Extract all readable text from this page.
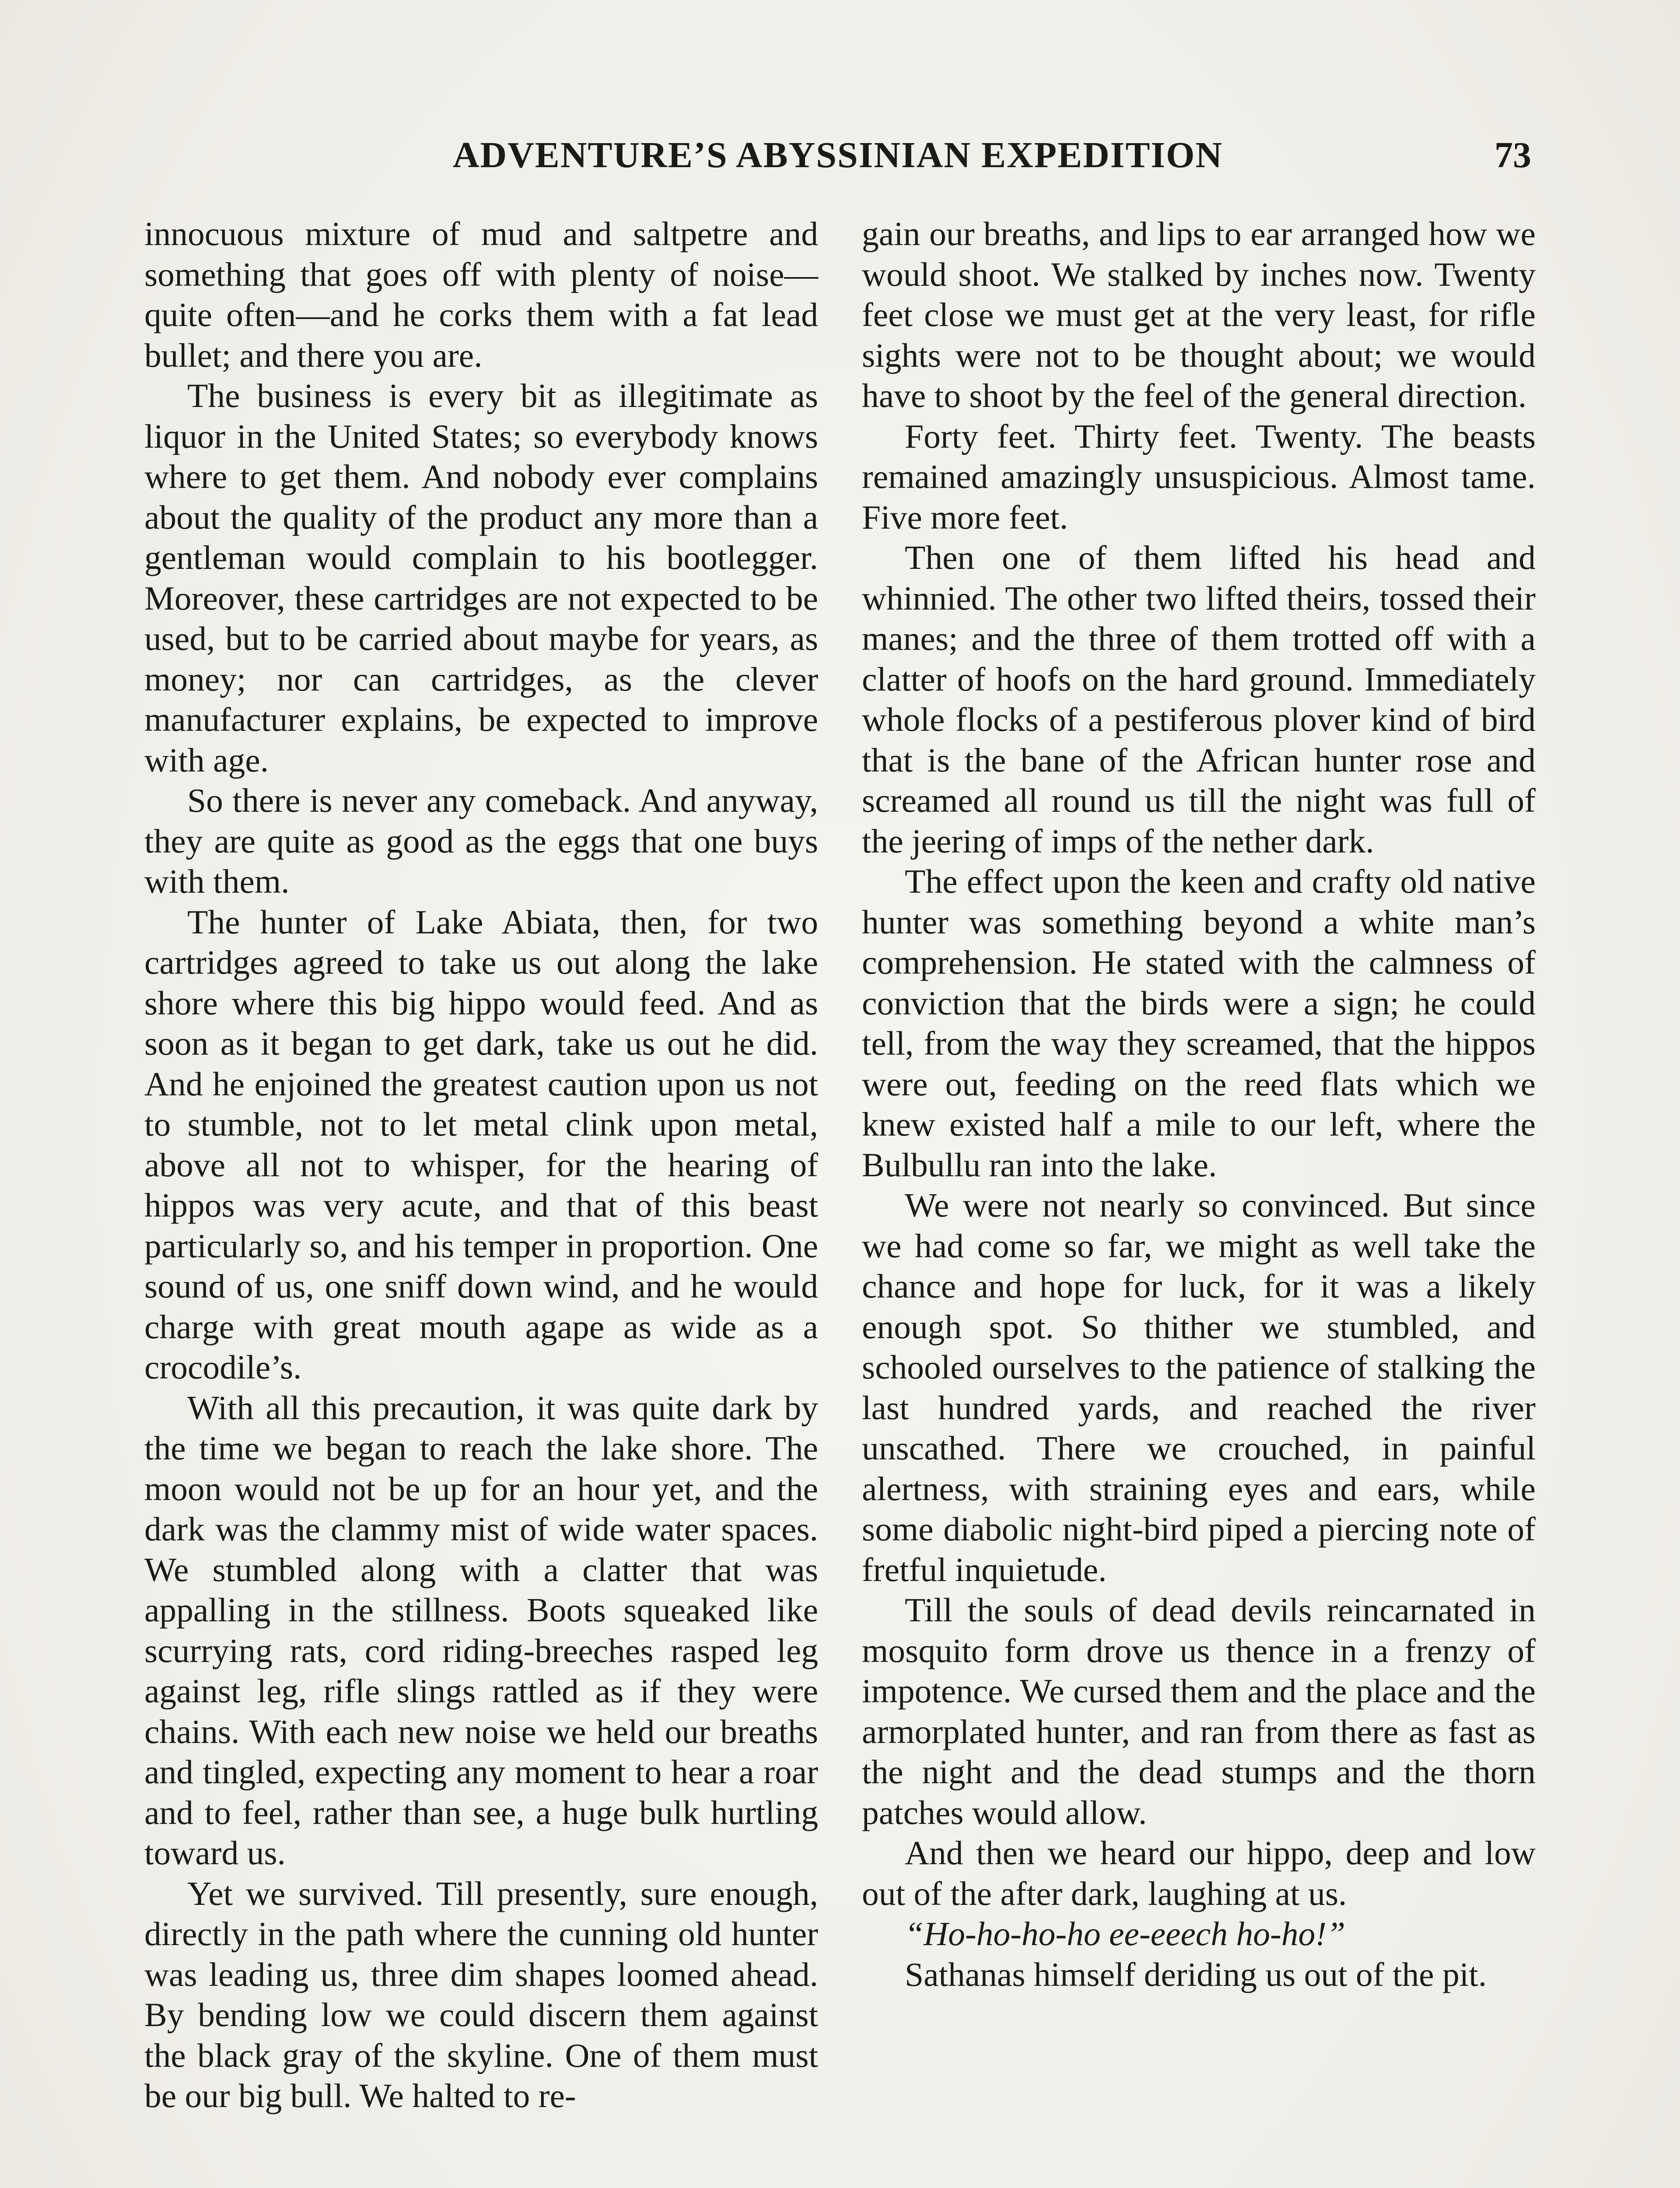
ADVENTURE’S ABYSSINIAN EXPEDITION	73

innocuous mixture of mud and saltpetre and something that goes off with plenty of noise—quite often—and he corks them with a fat lead bullet; and there you are.

The business is every bit as illegitimate as liquor in the United States; so everybody knows where to get them. And nobody ever complains about the quality of the product any more than a gentleman would complain to his bootlegger. Moreover, these cartridges are not expected to be used, but to be carried about maybe for years, as money; nor can cartridges, as the clever manufacturer explains, be expected to improve with age.

So there is never any comeback. And anyway, they are quite as good as the eggs that one buys with them.

The hunter of Lake Abiata, then, for two cartridges agreed to take us out along the lake shore where this big hippo would feed. And as soon as it began to get dark, take us out he did. And he enjoined the greatest caution upon us not to stumble, not to let metal clink upon metal, above all not to whisper, for the hearing of hippos was very acute, and that of this beast particularly so, and his temper in proportion. One sound of us, one sniff down wind, and he would charge with great mouth agape as wide as a crocodile’s.

With all this precaution, it was quite dark by the time we began to reach the lake shore. The moon would not be up for an hour yet, and the dark was the clammy mist of wide water spaces. We stumbled along with a clatter that was appalling in the stillness. Boots squeaked like scurrying rats, cord riding-breeches rasped leg against leg, rifle slings rattled as if they were chains. With each new noise we held our breaths and tingled, expecting any moment to hear a roar and to feel, rather than see, a huge bulk hurtling toward us.

Yet we survived. Till presently, sure enough, directly in the path where the cunning old hunter was leading us, three dim shapes loomed ahead. By bending low we could discern them against the black gray of the skyline. One of them must be our big bull. We halted to re-

gain our breaths, and lips to ear arranged how we would shoot. We stalked by inches now. Twenty feet close we must get at the very least, for rifle sights were not to be thought about; we would have to shoot by the feel of the general direction.

Forty feet. Thirty feet. Twenty. The beasts remained amazingly unsuspicious. Almost tame. Five more feet.

Then one of them lifted his head and whinnied. The other two lifted theirs, tossed their manes; and the three of them trotted off with a clatter of hoofs on the hard ground. Immediately whole flocks of a pestiferous plover kind of bird that is the bane of the African hunter rose and screamed all round us till the night was full of the jeering of imps of the nether dark.

The effect upon the keen and crafty old native hunter was something beyond a white man’s comprehension. He stated with the calmness of conviction that the birds were a sign; he could tell, from the way they screamed, that the hippos were out, feeding on the reed flats which we knew existed half a mile to our left, where the Bulbullu ran into the lake.

We were not nearly so convinced. But since we had come so far, we might as well take the chance and hope for luck, for it was a likely enough spot. So thither we stumbled, and schooled ourselves to the patience of stalking the last hundred yards, and reached the river unscathed. There we crouched, in painful alertness, with straining eyes and ears, while some diabolic night-bird piped a piercing note of fretful inquietude.

Till the souls of dead devils reincarnated in mosquito form drove us thence in a frenzy of impotence. We cursed them and the place and the armorplated hunter, and ran from there as fast as the night and the dead stumps and the thorn patches would allow.

And then we heard our hippo, deep and low out of the after dark, laughing at us.

“Ho-ho-ho-ho ee-eeech ho-ho!”

Sathanas himself deriding us out of the pit.
